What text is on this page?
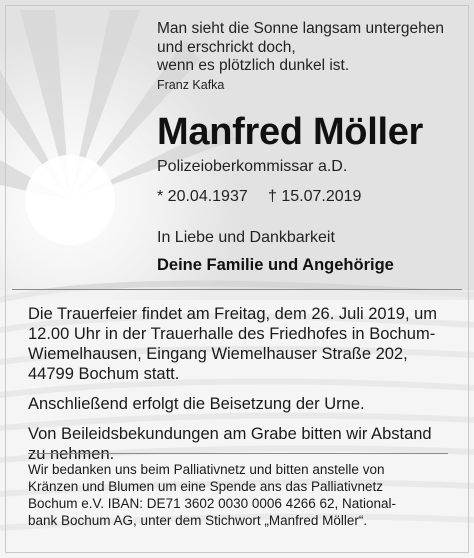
Man sieht die Sonne langsam untergehen
und erschrickt doch,
wenn es plötzlich dunkel ist.
Franz Kafka
Manfred Möller
Polizeioberkommissar a.D.
* 20.04.1937 † 15.07.2019
In Liebe und Dankbarkeit
Deine Familie und Angehörige

Die Trauerfeier findet am Freitag, dem 26. Juli 2019, um
12.00 Uhr in der Trauerhalle des Friedhofes in Bochum-
Wiemelhausen, Eingang Wiemelhauser Straße 202,
44799 Bochum statt.

Anschließend erfolgt die Beisetzung der Urne.

Von Beileidsbekundungen am Grabe bitten wir Abstand
zu nehmen.

Wir bedanken uns beim Palliativnetz und bitten anstelle von
Kränzen und Blumen um eine Spende ans das Palliativnetz
Bochum e.V. IBAN: DE71 3602 0030 0006 4266 62, National-
bank Bochum AG, unter dem Stichwort „Manfred Möller“.
